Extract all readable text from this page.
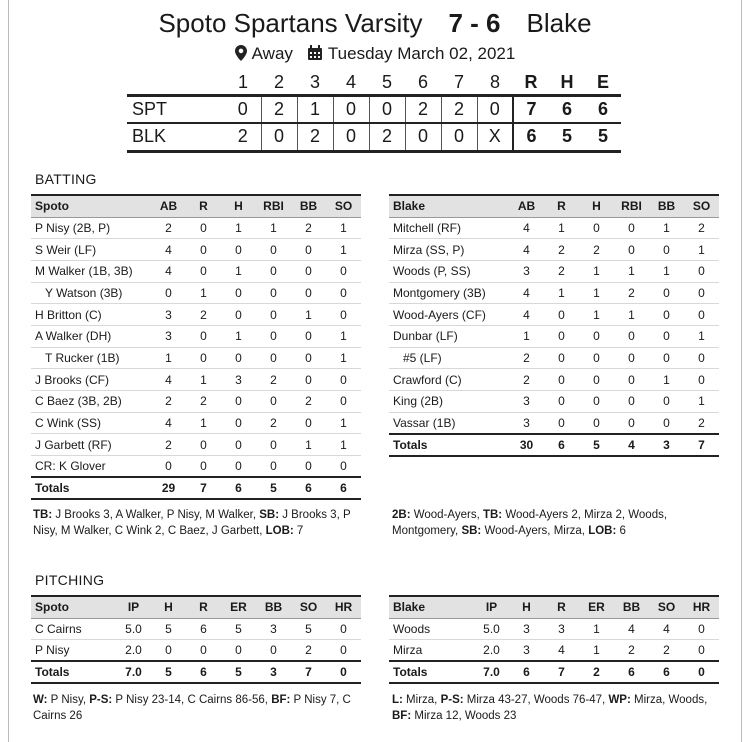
Spoto Spartans Varsity 7 - 6 Blake
Away Tuesday March 02, 2021
	1	2	3	4	5	6	7	8	R	H	E
SPT	0	2	1	0	0	2	2	0	7	6	6
BLK	2	0	2	0	2	0	0	X	6	5	5
BATTING
Spoto	AB	R	H	RBI	BB	SO
P Nisy (2B, P)	2	0	1	1	2	1
S Weir (LF)	4	0	0	0	0	1
M Walker (1B, 3B)	4	0	1	0	0	0
Y Watson (3B)	0	1	0	0	0	0
H Britton (C)	3	2	0	0	1	0
A Walker (DH)	3	0	1	0	0	1
T Rucker (1B)	1	0	0	0	0	1
J Brooks (CF)	4	1	3	2	0	0
C Baez (3B, 2B)	2	2	0	0	2	0
C Wink (SS)	4	1	0	2	0	1
J Garbett (RF)	2	0	0	0	1	1
CR: K Glover	0	0	0	0	0	0
Totals	29	7	6	5	6	6
Blake	AB	R	H	RBI	BB	SO
Mitchell (RF)	4	1	0	0	1	2
Mirza (SS, P)	4	2	2	0	0	1
Woods (P, SS)	3	2	1	1	1	0
Montgomery (3B)	4	1	1	2	0	0
Wood-Ayers (CF)	4	0	1	1	0	0
Dunbar (LF)	1	0	0	0	0	1
#5 (LF)	2	0	0	0	0	0
Crawford (C)	2	0	0	0	1	0
King (2B)	3	0	0	0	0	1
Vassar (1B)	3	0	0	0	0	2
Totals	30	6	5	4	3	7
TB: J Brooks 3, A Walker, P Nisy, M Walker, SB: J Brooks 3, P Nisy, M Walker, C Wink 2, C Baez, J Garbett, LOB: 7
2B: Wood-Ayers, TB: Wood-Ayers 2, Mirza 2, Woods, Montgomery, SB: Wood-Ayers, Mirza, LOB: 6
PITCHING
Spoto	IP	H	R	ER	BB	SO	HR
C Cairns	5.0	5	6	5	3	5	0
P Nisy	2.0	0	0	0	0	2	0
Totals	7.0	5	6	5	3	7	0
Blake	IP	H	R	ER	BB	SO	HR
Woods	5.0	3	3	1	4	4	0
Mirza	2.0	3	4	1	2	2	0
Totals	7.0	6	7	2	6	6	0
W: P Nisy, P-S: P Nisy 23-14, C Cairns 86-56, BF: P Nisy 7, C Cairns 26
L: Mirza, P-S: Mirza 43-27, Woods 76-47, WP: Mirza, Woods, BF: Mirza 12, Woods 23
